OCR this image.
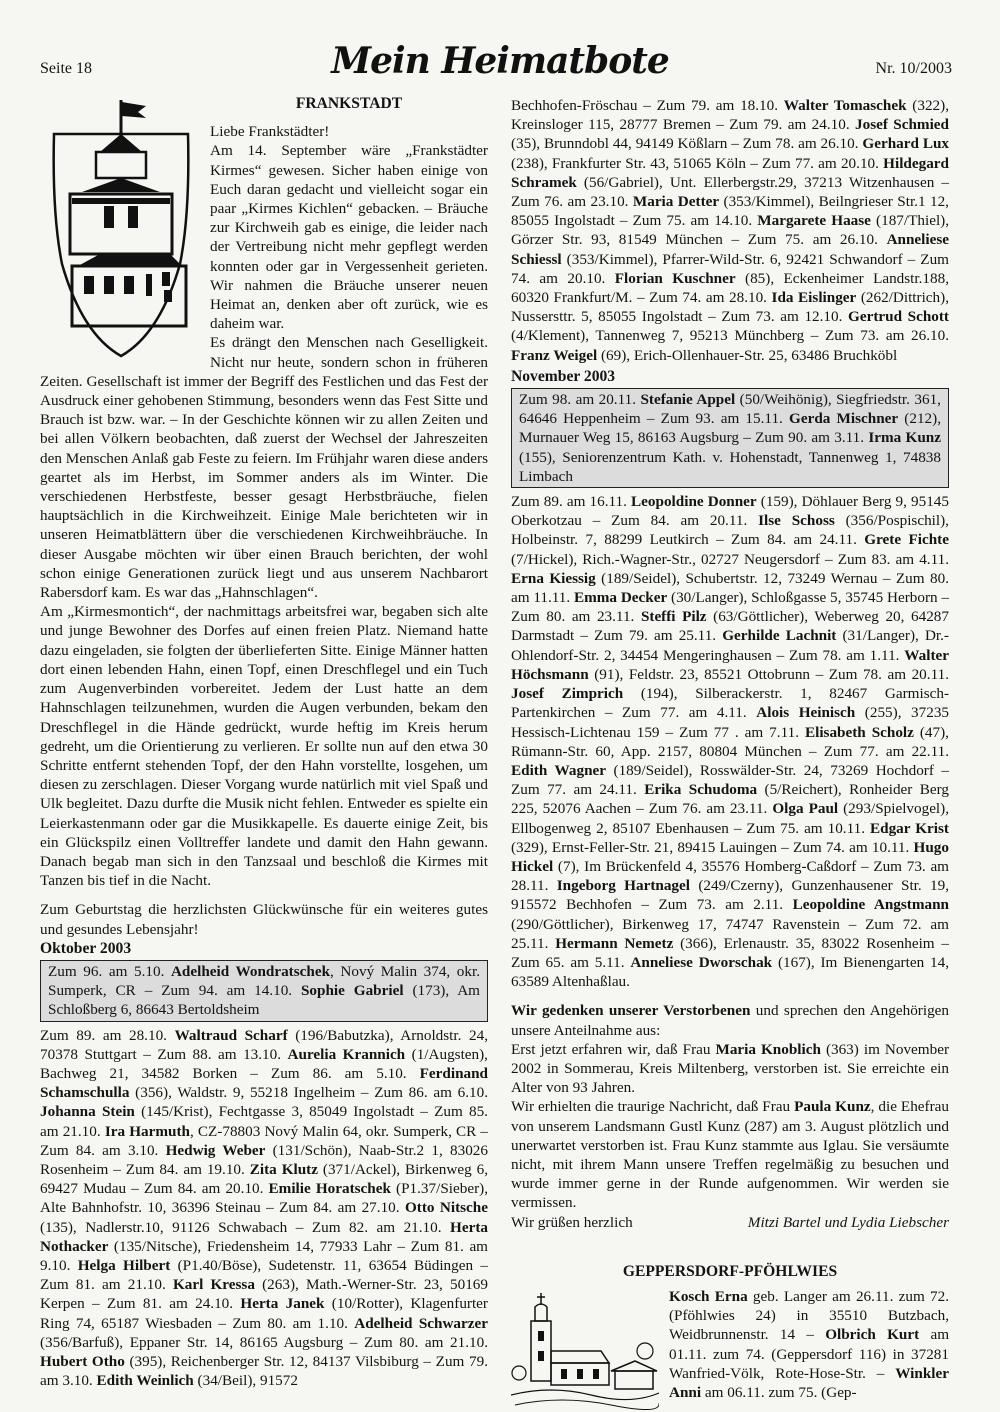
Seite 18	Mein Heimatbote	Nr. 10/2003
FRANKSTADT

Liebe Frankstädter!

Am 14. September wäre „Frankstädter Kirmes“ gewesen. Sicher haben einige von Euch daran gedacht und vielleicht sogar ein paar „Kirmes Kichlen“ gebacken. – Bräuche zur Kirchweih gab es einige, die leider nach der Vertreibung nicht mehr gepflegt werden konnten oder gar in Vergessenheit gerieten. Wir nahmen die Bräuche unserer neuen Heimat an, denken aber oft zurück, wie es daheim war.

Es drängt den Menschen nach Geselligkeit. Nicht nur heute, sondern schon in früheren Zeiten. Gesellschaft ist immer der Begriff des Festlichen und das Fest der Ausdruck einer gehobenen Stimmung, besonders wenn das Fest Sitte und Brauch ist bzw. war. – In der Geschichte können wir zu allen Zeiten und bei allen Völkern beobachten, daß zuerst der Wechsel der Jahreszeiten den Menschen Anlaß gab Feste zu feiern. Im Frühjahr waren diese anders geartet als im Herbst, im Sommer anders als im Winter. Die verschiedenen Herbstfeste, besser gesagt Herbstbräuche, fielen hauptsächlich in die Kirchweihzeit. Einige Male berichteten wir in unseren Heimatblättern über die verschiedenen Kirchweihbräuche. In dieser Ausgabe möchten wir über einen Brauch berichten, der wohl schon einige Generationen zurück liegt und aus unserem Nachbarort Rabersdorf kam. Es war das „Hahnschlagen“.

Am „Kirmesmontich“, der nachmittags arbeitsfrei war, begaben sich alte und junge Bewohner des Dorfes auf einen freien Platz. Niemand hatte dazu eingeladen, sie folgten der überlieferten Sitte. Einige Männer hatten dort einen lebenden Hahn, einen Topf, einen Dreschflegel und ein Tuch zum Augenverbinden vorbereitet. Jedem der Lust hatte an dem Hahnschlagen teilzunehmen, wurden die Augen verbunden, bekam den Dreschflegel in die Hände gedrückt, wurde heftig im Kreis herum gedreht, um die Orientierung zu verlieren. Er sollte nun auf den etwa 30 Schritte entfernt stehenden Topf, der den Hahn vorstellte, losgehen, um diesen zu zerschlagen. Dieser Vorgang wurde natürlich mit viel Spaß und Ulk begleitet. Dazu durfte die Musik nicht fehlen. Entweder es spielte ein Leierkastenmann oder gar die Musikkapelle. Es dauerte einige Zeit, bis ein Glückspilz einen Volltreffer landete und damit den Hahn gewann. Danach begab man sich in den Tanzsaal und beschloß die Kirmes mit Tanzen bis tief in die Nacht.

Zum Geburtstag die herzlichsten Glückwünsche für ein weiteres gutes und gesundes Lebensjahr!

Oktober 2003
Zum 96. am 5.10. Adelheid Wondratschek, Nový Malin 374, okr. Sumperk, CR – Zum 94. am 14.10. Sophie Gabriel (173), Am Schloßberg 6, 86643 Bertoldsheim

Zum 89. am 28.10. Waltraud Scharf (196/Babutzka), Arnoldstr. 24, 70378 Stuttgart – Zum 88. am 13.10. Aurelia Krannich (1/Augsten), Bachweg 21, 34582 Borken – Zum 86. am 5.10. Ferdinand Schamschulla (356), Waldstr. 9, 55218 Ingelheim – Zum 86. am 6.10. Johanna Stein (145/Krist), Fechtgasse 3, 85049 Ingolstadt – Zum 85. am 21.10. Ira Harmuth, CZ-78803 Nový Malin 64, okr. Sumperk, CR – Zum 84. am 3.10. Hedwig Weber (131/Schön), Naab-Str.2 1, 83026 Rosenheim – Zum 84. am 19.10. Zita Klutz (371/Ackel), Birkenweg 6, 69427 Mudau – Zum 84. am 20.10. Emilie Horatschek (P1.37/Sieber), Alte Bahnhofstr. 10, 36396 Steinau – Zum 84. am 27.10. Otto Nitsche (135), Nadlerstr.10, 91126 Schwabach – Zum 82. am 21.10. Herta Nothacker (135/Nitsche), Friedensheim 14, 77933 Lahr – Zum 81. am 9.10. Helga Hilbert (P1.40/Böse), Sudetenstr. 11, 63654 Büdingen – Zum 81. am 21.10. Karl Kressa (263), Math.-Werner-Str. 23, 50169 Kerpen – Zum 81. am 24.10. Herta Janek (10/Rotter), Klagenfurter Ring 74, 65187 Wiesbaden – Zum 80. am 1.10. Adelheid Schwarzer (356/Barfuß), Eppaner Str. 14, 86165 Augsburg – Zum 80. am 21.10. Hubert Otho (395), Reichenberger Str. 12, 84137 Vilsbiburg – Zum 79. am 3.10. Edith Weinlich (34/Beil), 91572

Bechhofen-Fröschau – Zum 79. am 18.10. Walter Tomaschek (322), Kreinsloger 115, 28777 Bremen – Zum 79. am 24.10. Josef Schmied (35), Brunndobl 44, 94149 Kößlarn – Zum 78. am 26.10. Gerhard Lux (238), Frankfurter Str. 43, 51065 Köln – Zum 77. am 20.10. Hildegard Schramek (56/Gabriel), Unt. Ellerbergstr.29, 37213 Witzenhausen – Zum 76. am 23.10. Maria Detter (353/Kimmel), Beilngrieser Str.1 12, 85055 Ingolstadt – Zum 75. am 14.10. Margarete Haase (187/Thiel), Görzer Str. 93, 81549 München – Zum 75. am 26.10. Anneliese Schiessl (353/Kimmel), Pfarrer-Wild-Str. 6, 92421 Schwandorf – Zum 74. am 20.10. Florian Kuschner (85), Eckenheimer Landstr.188, 60320 Frankfurt/M. – Zum 74. am 28.10. Ida Eislinger (262/Dittrich), Nussersttr. 5, 85055 Ingolstadt – Zum 73. am 12.10. Gertrud Schott (4/Klement), Tannenweg 7, 95213 Münchberg – Zum 73. am 26.10. Franz Weigel (69), Erich-Ollenhauer-Str. 25, 63486 Bruchköbl

November 2003
Zum 98. am 20.11. Stefanie Appel (50/Weihönig), Siegfriedstr. 361, 64646 Heppenheim – Zum 93. am 15.11. Gerda Mischner (212), Murnauer Weg 15, 86163 Augsburg – Zum 90. am 3.11. Irma Kunz (155), Seniorenzentrum Kath. v. Hohenstadt, Tannenweg 1, 74838 Limbach

Zum 89. am 16.11. Leopoldine Donner (159), Döhlauer Berg 9, 95145 Oberkotzau – Zum 84. am 20.11. Ilse Schoss (356/Pospischil), Holbeinstr. 7, 88299 Leutkirch – Zum 84. am 24.11. Grete Fichte (7/Hickel), Rich.-Wagner-Str., 02727 Neugersdorf – Zum 83. am 4.11. Erna Kiessig (189/Seidel), Schubertstr. 12, 73249 Wernau – Zum 80. am 11.11. Emma Decker (30/Langer), Schloßgasse 5, 35745 Herborn – Zum 80. am 23.11. Steffi Pilz (63/Göttlicher), Weberweg 20, 64287 Darmstadt – Zum 79. am 25.11. Gerhilde Lachnit (31/Langer), Dr.-Ohlendorf-Str. 2, 34454 Mengeringhausen – Zum 78. am 1.11. Walter Höchsmann (91), Feldstr. 23, 85521 Ottobrunn – Zum 78. am 20.11. Josef Zimprich (194), Silberackerstr. 1, 82467 Garmisch-Partenkirchen – Zum 77. am 4.11. Alois Heinisch (255), 37235 Hessisch-Lichtenau 159 – Zum 77 . am 7.11. Elisabeth Scholz (47), Rümann-Str. 60, App. 2157, 80804 München – Zum 77. am 22.11. Edith Wagner (189/Seidel), Rosswälder-Str. 24, 73269 Hochdorf – Zum 77. am 24.11. Erika Schudoma (5/Reichert), Ronheider Berg 225, 52076 Aachen – Zum 76. am 23.11. Olga Paul (293/Spielvogel), Ellbogenweg 2, 85107 Ebenhausen – Zum 75. am 10.11. Edgar Krist (329), Ernst-Feller-Str. 21, 89415 Lauingen – Zum 74. am 10.11. Hugo Hickel (7), Im Brückenfeld 4, 35576 Homberg-Caßdorf – Zum 73. am 28.11. Ingeborg Hartnagel (249/Czerny), Gunzenhausener Str. 19, 915572 Bechhofen – Zum 73. am 2.11. Leopoldine Angstmann (290/Göttlicher), Birkenweg 17, 74747 Ravenstein – Zum 72. am 25.11. Hermann Nemetz (366), Erlenaustr. 35, 83022 Rosenheim – Zum 65. am 5.11. Anneliese Dworschak (167), Im Bienengarten 14, 63589 Altenhaßlau.

Wir gedenken unserer Verstorbenen und sprechen den Angehörigen unsere Anteilnahme aus:

Erst jetzt erfahren wir, daß Frau Maria Knoblich (363) im November 2002 in Sommerau, Kreis Miltenberg, verstorben ist. Sie erreichte ein Alter von 93 Jahren.

Wir erhielten die traurige Nachricht, daß Frau Paula Kunz, die Ehefrau von unserem Landsmann Gustl Kunz (287) am 3. August plötzlich und unerwartet verstorben ist. Frau Kunz stammte aus Iglau. Sie versäumte nicht, mit ihrem Mann unsere Treffen regelmäßig zu besuchen und wurde immer gerne in der Runde aufgenommen. Wir werden sie vermissen.

Wir grüßen herzlich	Mitzi Bartel und Lydia Liebscher
GEPPERSDORF-PFÖHLWIES

Kosch Erna geb. Langer am 26.11. zum 72. (Pföhlwies 24) in 35510 Butzbach, Weidbrunnenstr. 14 – Olbrich Kurt am 01.11. zum 74. (Geppersdorf 116) in 37281 Wanfried-Völk, Rote-Hose-Str. – Winkler Anni am 06.11. zum 75. (Gep-
